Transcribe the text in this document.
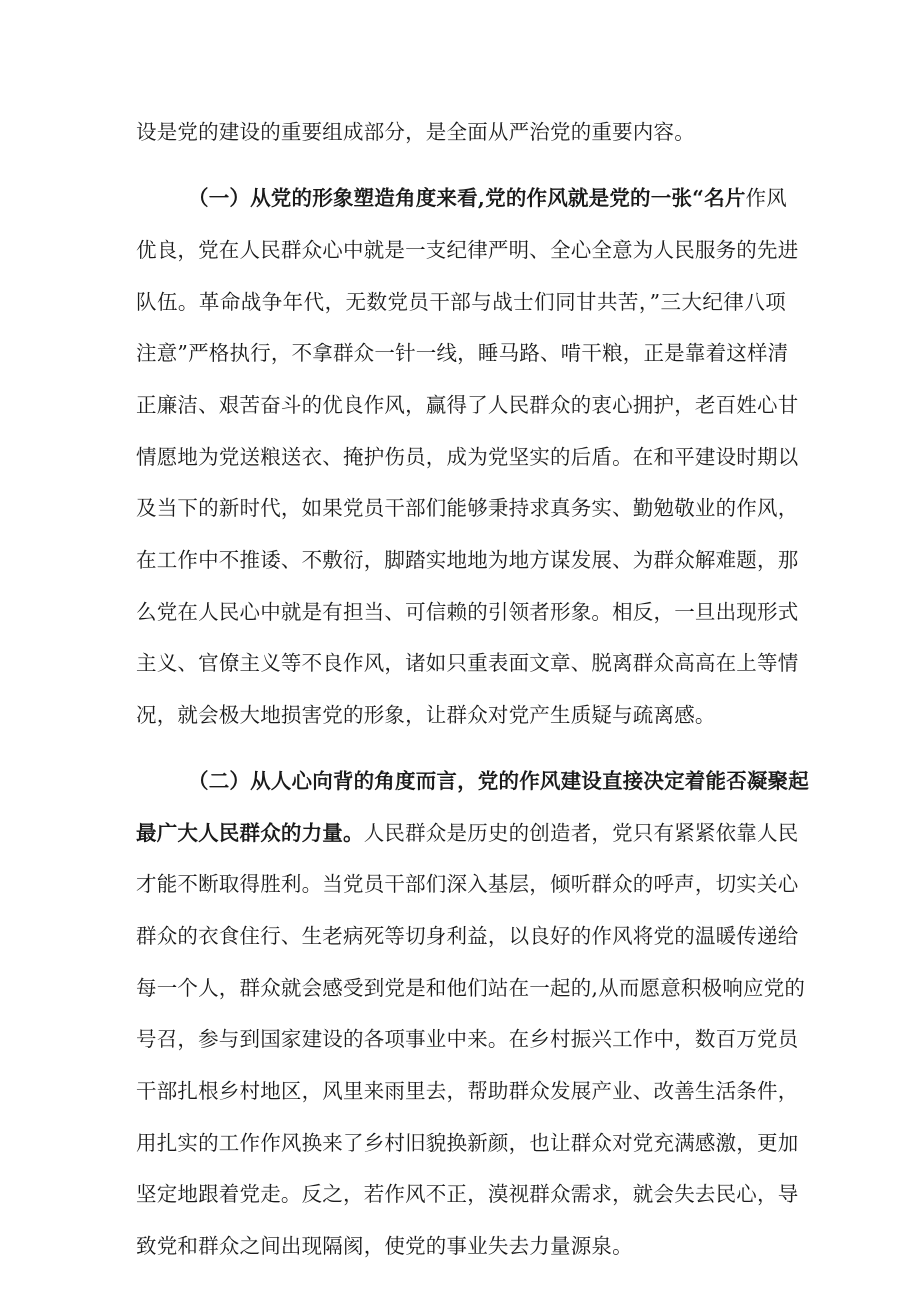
设是党的建设的重要组成部分，是全面从严治党的重要内容。
（一）从党的形象塑造角度来看,党的作风就是党的一张“名片作风
优良，党在人民群众心中就是一支纪律严明、全心全意为人民服务的先进
队伍。革命战争年代，无数党员干部与战士们同甘共苦，”三大纪律八项
注意”严格执行，不拿群众一针一线，睡马路、啃干粮，正是靠着这样清
正廉洁、艰苦奋斗的优良作风，赢得了人民群众的衷心拥护，老百姓心甘
情愿地为党送粮送衣、掩护伤员，成为党坚实的后盾。在和平建设时期以
及当下的新时代，如果党员干部们能够秉持求真务实、勤勉敬业的作风，
在工作中不推诿、不敷衍，脚踏实地地为地方谋发展、为群众解难题，那
么党在人民心中就是有担当、可信赖的引领者形象。相反，一旦出现形式
主义、官僚主义等不良作风，诸如只重表面文章、脱离群众高高在上等情
况，就会极大地损害党的形象，让群众对党产生质疑与疏离感。
（二）从人心向背的角度而言，党的作风建设直接决定着能否凝聚起
最广大人民群众的力量。人民群众是历史的创造者，党只有紧紧依靠人民
才能不断取得胜利。当党员干部们深入基层，倾听群众的呼声，切实关心
群众的衣食住行、生老病死等切身利益，以良好的作风将党的温暖传递给
每一个人，群众就会感受到党是和他们站在一起的,从而愿意积极响应党的
号召，参与到国家建设的各项事业中来。在乡村振兴工作中，数百万党员
干部扎根乡村地区，风里来雨里去，帮助群众发展产业、改善生活条件，
用扎实的工作作风换来了乡村旧貌换新颜，也让群众对党充满感激，更加
坚定地跟着党走。反之，若作风不正，漠视群众需求，就会失去民心，导
致党和群众之间出现隔阂，使党的事业失去力量源泉。
